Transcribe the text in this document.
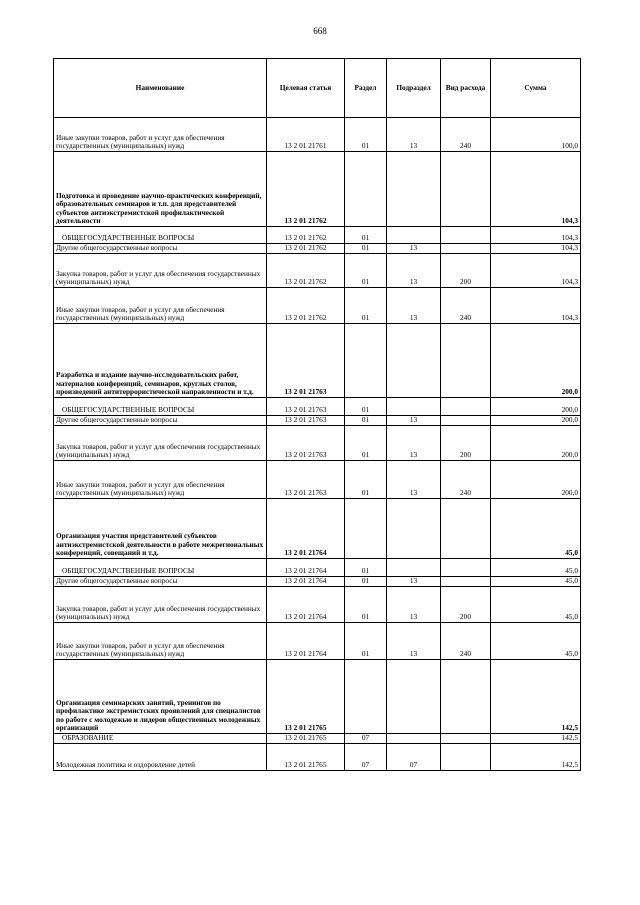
668
Наименование	Целевая статья	Раздел	Подраздел	Вид расхода	Сумма
Иные закупки товаров, работ и услуг для обеспечения государственных (муниципальных) нужд	13 2 01 21761	01	13	240	100,0
Подготовка и проведение научно-практических конференций, образовательных семинаров и т.п. для представителей субъектов антиэкстремистской профилактической деятельности	13 2 01 21762				104,3
ОБЩЕГОСУДАРСТВЕННЫЕ ВОПРОСЫ	13 2 01 21762	01			104,3
Другие общегосударственные вопросы	13 2 01 21762	01	13		104,3
Закупка товаров, работ и услуг для обеспечения государственных (муниципальных) нужд	13 2 01 21762	01	13	200	104,3
Иные закупки товаров, работ и услуг для обеспечения государственных (муниципальных) нужд	13 2 01 21762	01	13	240	104,3
Разработка и издание научно-исследовательских работ, материалов конференций, семинаров, круглых столов, произведений антитеррористической направленности и т.д.	13 2 01 21763				200,0
ОБЩЕГОСУДАРСТВЕННЫЕ ВОПРОСЫ	13 2 01 21763	01			200,0
Другие общегосударственные вопросы	13 2 01 21763	01	13		200,0
Закупка товаров, работ и услуг для обеспечения государственных (муниципальных) нужд	13 2 01 21763	01	13	200	200,0
Иные закупки товаров, работ и услуг для обеспечения государственных (муниципальных) нужд	13 2 01 21763	01	13	240	200,0
Организация участия представителей субъектов антиэкстремистской деятельности в работе межрегиональных конференций, совещаний и т.д.	13 2 01 21764				45,0
ОБЩЕГОСУДАРСТВЕННЫЕ ВОПРОСЫ	13 2 01 21764	01			45,0
Другие общегосударственные вопросы	13 2 01 21764	01	13		45,0
Закупка товаров, работ и услуг для обеспечения государственных (муниципальных) нужд	13 2 01 21764	01	13	200	45,0
Иные закупки товаров, работ и услуг для обеспечения государственных (муниципальных) нужд	13 2 01 21764	01	13	240	45,0
Организация семинарских занятий, тренингов по профилактике экстремистских проявлений для специалистов по работе с молодежью и лидеров общественных молодежных организаций	13 2 01 21765				142,5
ОБРАЗОВАНИЕ	13 2 01 21765	07			142,5
Молодежная политика и оздоровление детей	13 2 01 21765	07	07		142,5
